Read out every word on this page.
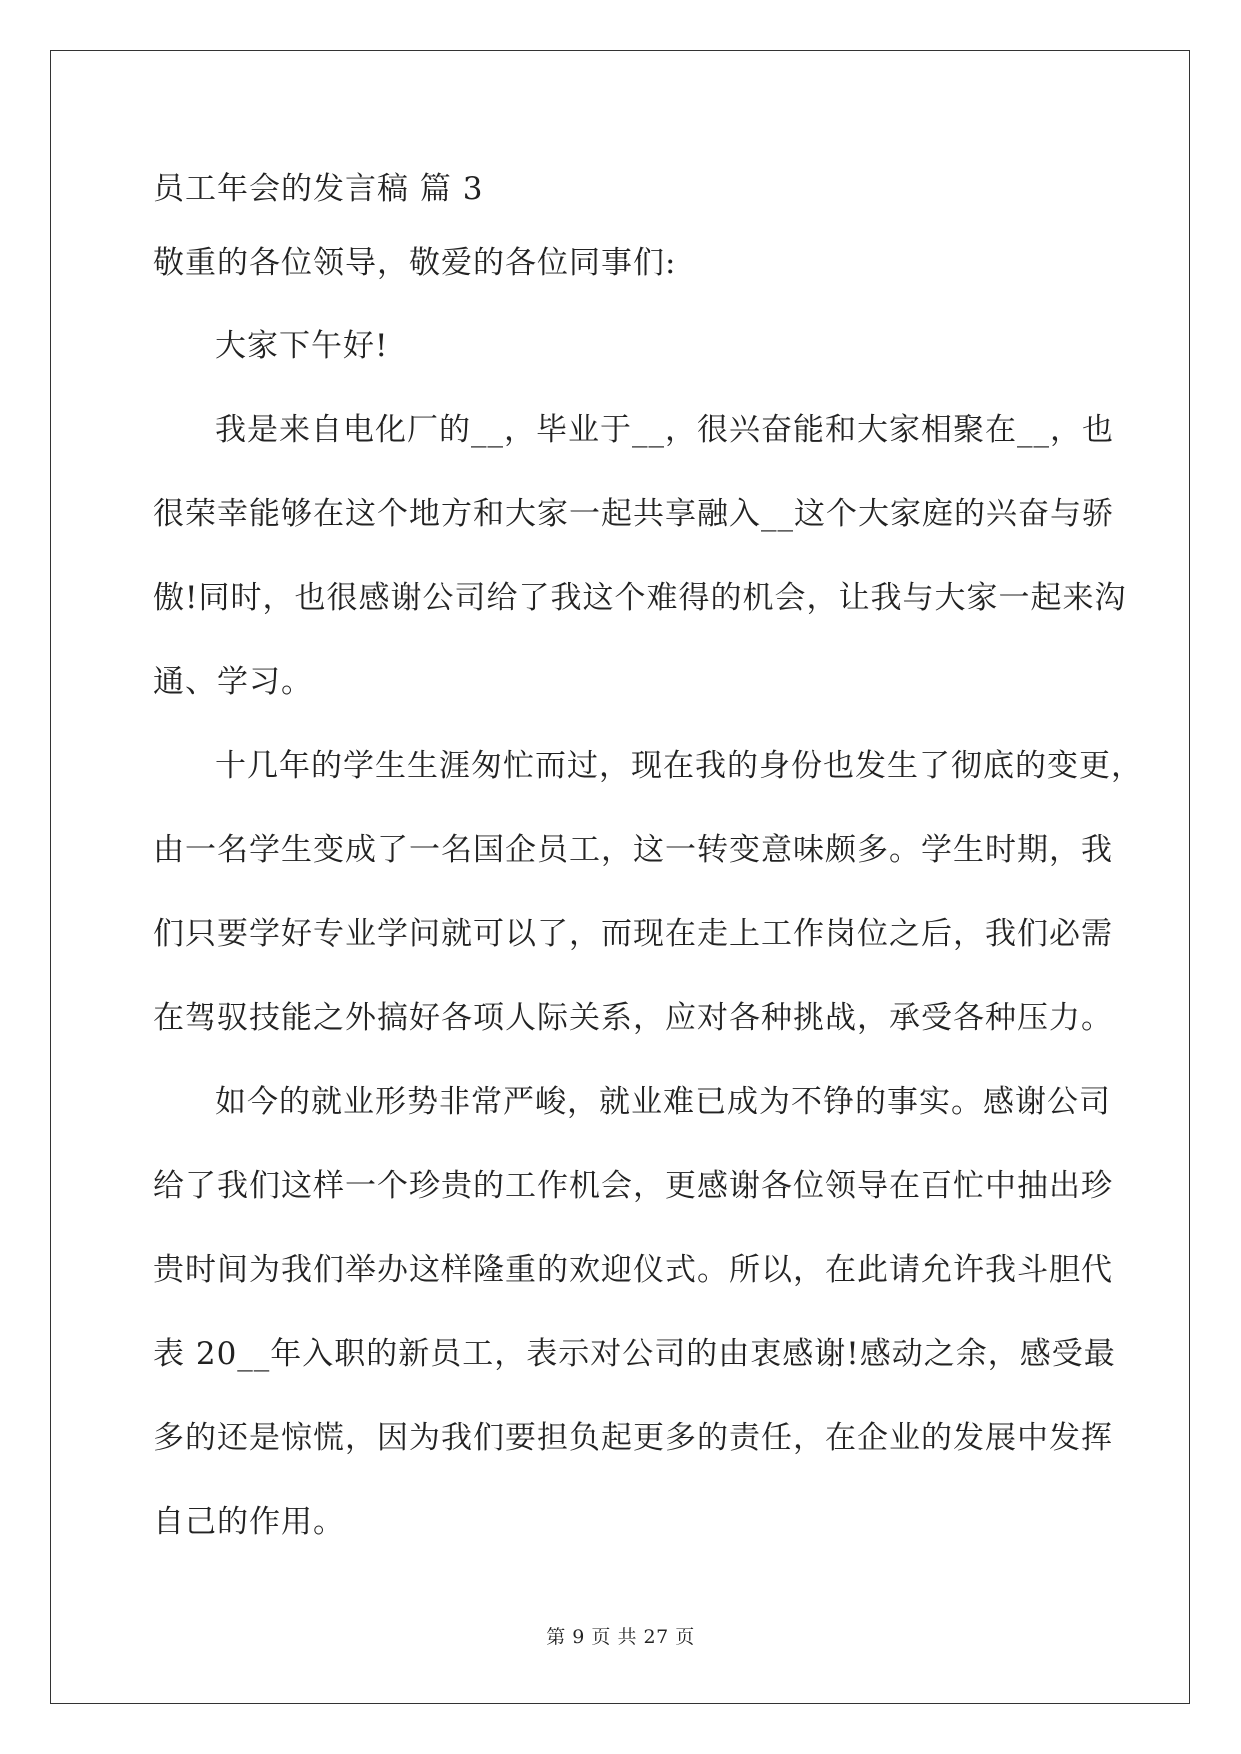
员工年会的发言稿 篇 3
敬重的各位领导，敬爱的各位同事们:
大家下午好!
我是来自电化厂的__，毕业于__，很兴奋能和大家相聚在__，也
很荣幸能够在这个地方和大家一起共享融入__这个大家庭的兴奋与骄
傲!同时，也很感谢公司给了我这个难得的机会，让我与大家一起来沟
通、学习。
十几年的学生生涯匆忙而过，现在我的身份也发生了彻底的变更，
由一名学生变成了一名国企员工，这一转变意味颇多。学生时期，我
们只要学好专业学问就可以了，而现在走上工作岗位之后，我们必需
在驾驭技能之外搞好各项人际关系，应对各种挑战，承受各种压力。
如今的就业形势非常严峻，就业难已成为不铮的事实。感谢公司
给了我们这样一个珍贵的工作机会，更感谢各位领导在百忙中抽出珍
贵时间为我们举办这样隆重的欢迎仪式。所以，在此请允许我斗胆代
表 20__年入职的新员工，表示对公司的由衷感谢!感动之余，感受最
多的还是惊慌，因为我们要担负起更多的责任，在企业的发展中发挥
自己的作用。
第 9 页 共 27 页
